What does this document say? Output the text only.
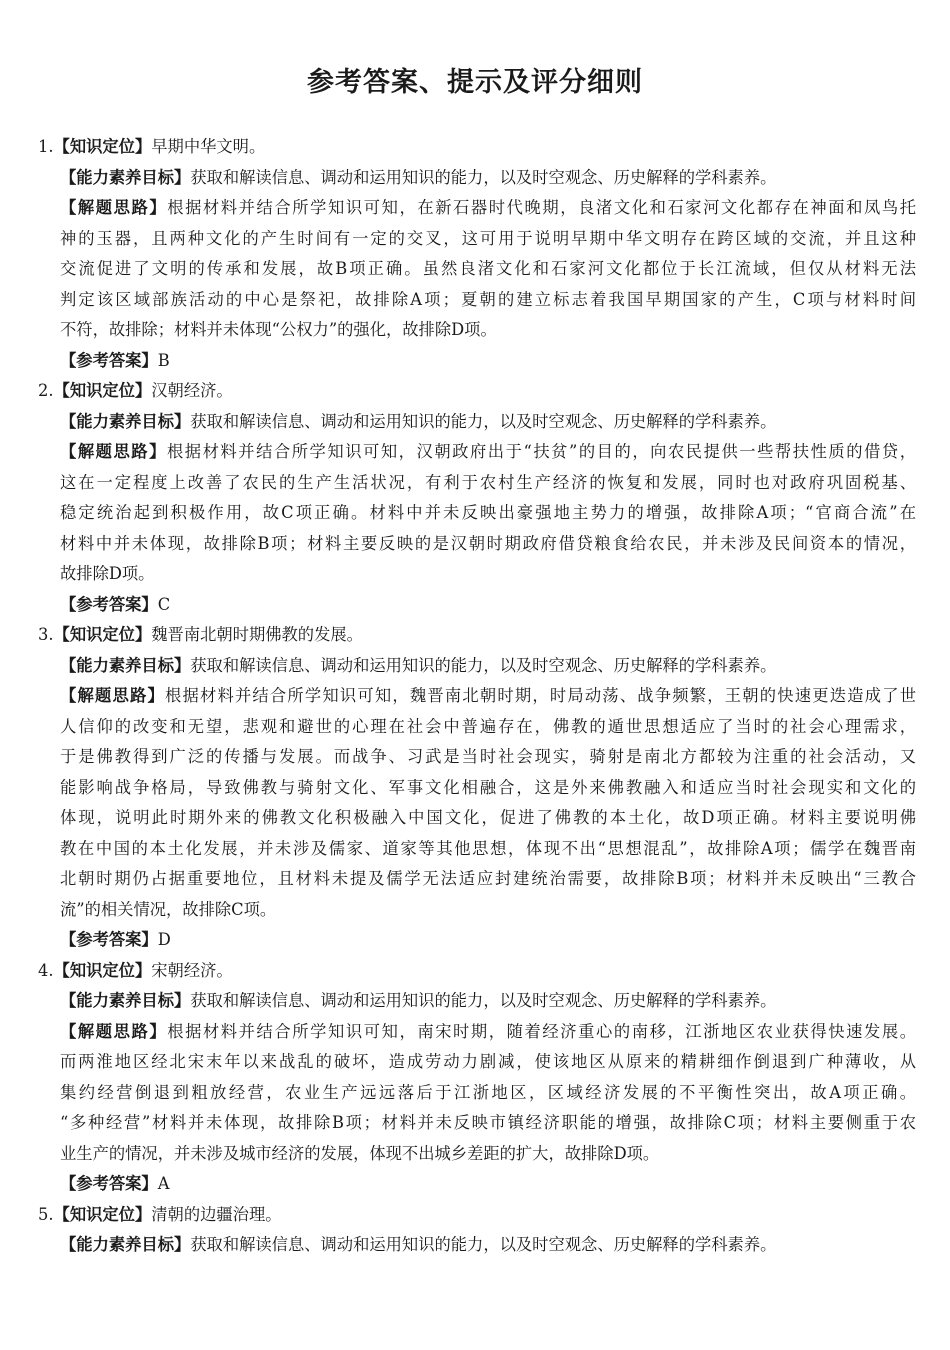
参考答案、提示及评分细则
1.【知识定位】早期中华文明。
【能力素养目标】获取和解读信息、调动和运用知识的能力，以及时空观念、历史解释的学科素养。
【解题思路】根据材料并结合所学知识可知，在新石器时代晚期，良渚文化和石家河文化都存在神面和凤鸟托
神的玉器，且两种文化的产生时间有一定的交叉，这可用于说明早期中华文明存在跨区域的交流，并且这种
交流促进了文明的传承和发展，故B项正确。虽然良渚文化和石家河文化都位于长江流域，但仅从材料无法
判定该区域部族活动的中心是祭祀，故排除A项；夏朝的建立标志着我国早期国家的产生，C项与材料时间
不符，故排除；材料并未体现“公权力”的强化，故排除D项。
【参考答案】B
2.【知识定位】汉朝经济。
【能力素养目标】获取和解读信息、调动和运用知识的能力，以及时空观念、历史解释的学科素养。
【解题思路】根据材料并结合所学知识可知，汉朝政府出于“扶贫”的目的，向农民提供一些帮扶性质的借贷，
这在一定程度上改善了农民的生产生活状况，有利于农村生产经济的恢复和发展，同时也对政府巩固税基、
稳定统治起到积极作用，故C项正确。材料中并未反映出豪强地主势力的增强，故排除A项；“官商合流”在
材料中并未体现，故排除B项；材料主要反映的是汉朝时期政府借贷粮食给农民，并未涉及民间资本的情况，
故排除D项。
【参考答案】C
3.【知识定位】魏晋南北朝时期佛教的发展。
【能力素养目标】获取和解读信息、调动和运用知识的能力，以及时空观念、历史解释的学科素养。
【解题思路】根据材料并结合所学知识可知，魏晋南北朝时期，时局动荡、战争频繁，王朝的快速更迭造成了世
人信仰的改变和无望，悲观和避世的心理在社会中普遍存在，佛教的遁世思想适应了当时的社会心理需求，
于是佛教得到广泛的传播与发展。而战争、习武是当时社会现实，骑射是南北方都较为注重的社会活动，又
能影响战争格局，导致佛教与骑射文化、军事文化相融合，这是外来佛教融入和适应当时社会现实和文化的
体现，说明此时期外来的佛教文化积极融入中国文化，促进了佛教的本土化，故D项正确。材料主要说明佛
教在中国的本土化发展，并未涉及儒家、道家等其他思想，体现不出“思想混乱”，故排除A项；儒学在魏晋南
北朝时期仍占据重要地位，且材料未提及儒学无法适应封建统治需要，故排除B项；材料并未反映出“三教合
流”的相关情况，故排除C项。
【参考答案】D
4.【知识定位】宋朝经济。
【能力素养目标】获取和解读信息、调动和运用知识的能力，以及时空观念、历史解释的学科素养。
【解题思路】根据材料并结合所学知识可知，南宋时期，随着经济重心的南移，江浙地区农业获得快速发展。
而两淮地区经北宋末年以来战乱的破坏，造成劳动力剧减，使该地区从原来的精耕细作倒退到广种薄收，从
集约经营倒退到粗放经营，农业生产远远落后于江浙地区，区域经济发展的不平衡性突出，故A项正确。
“多种经营”材料并未体现，故排除B项；材料并未反映市镇经济职能的增强，故排除C项；材料主要侧重于农
业生产的情况，并未涉及城市经济的发展，体现不出城乡差距的扩大，故排除D项。
【参考答案】A
5.【知识定位】清朝的边疆治理。
【能力素养目标】获取和解读信息、调动和运用知识的能力，以及时空观念、历史解释的学科素养。
